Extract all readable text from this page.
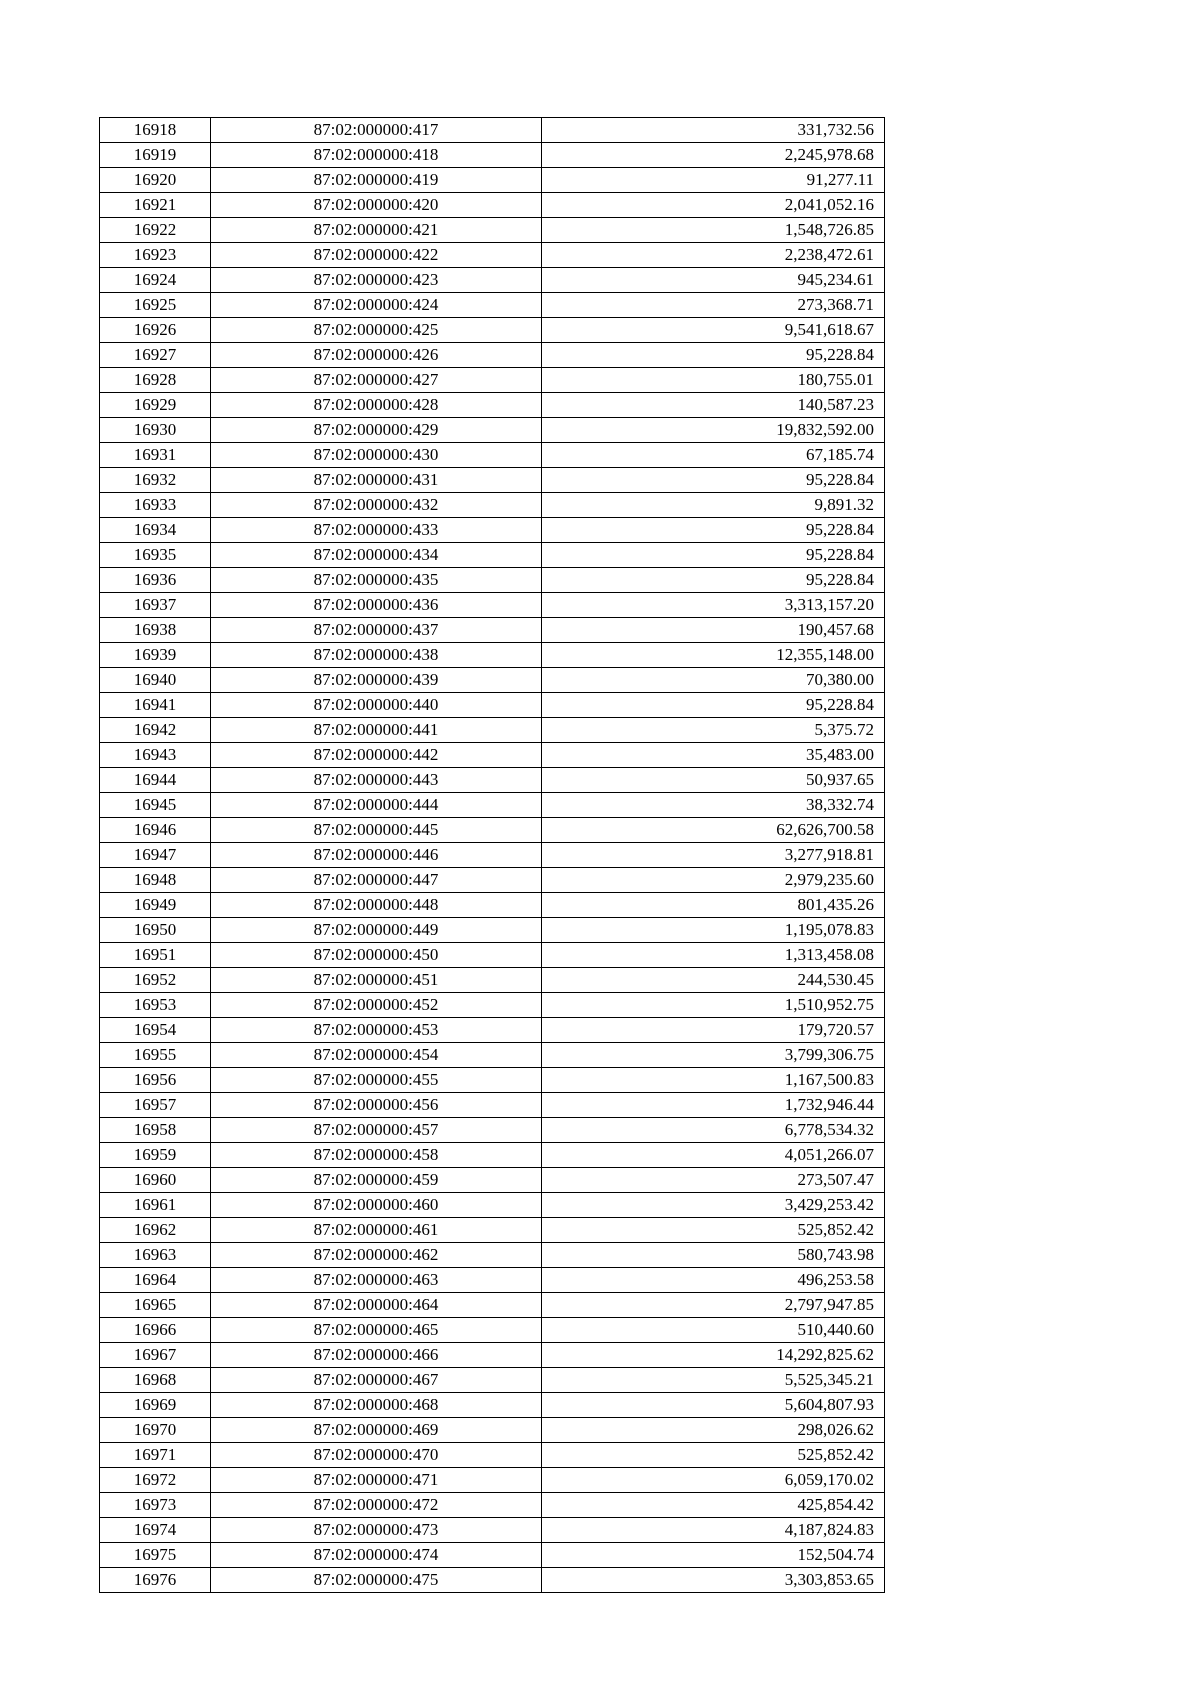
16918	87:02:000000:417	331,732.56
16919	87:02:000000:418	2,245,978.68
16920	87:02:000000:419	91,277.11
16921	87:02:000000:420	2,041,052.16
16922	87:02:000000:421	1,548,726.85
16923	87:02:000000:422	2,238,472.61
16924	87:02:000000:423	945,234.61
16925	87:02:000000:424	273,368.71
16926	87:02:000000:425	9,541,618.67
16927	87:02:000000:426	95,228.84
16928	87:02:000000:427	180,755.01
16929	87:02:000000:428	140,587.23
16930	87:02:000000:429	19,832,592.00
16931	87:02:000000:430	67,185.74
16932	87:02:000000:431	95,228.84
16933	87:02:000000:432	9,891.32
16934	87:02:000000:433	95,228.84
16935	87:02:000000:434	95,228.84
16936	87:02:000000:435	95,228.84
16937	87:02:000000:436	3,313,157.20
16938	87:02:000000:437	190,457.68
16939	87:02:000000:438	12,355,148.00
16940	87:02:000000:439	70,380.00
16941	87:02:000000:440	95,228.84
16942	87:02:000000:441	5,375.72
16943	87:02:000000:442	35,483.00
16944	87:02:000000:443	50,937.65
16945	87:02:000000:444	38,332.74
16946	87:02:000000:445	62,626,700.58
16947	87:02:000000:446	3,277,918.81
16948	87:02:000000:447	2,979,235.60
16949	87:02:000000:448	801,435.26
16950	87:02:000000:449	1,195,078.83
16951	87:02:000000:450	1,313,458.08
16952	87:02:000000:451	244,530.45
16953	87:02:000000:452	1,510,952.75
16954	87:02:000000:453	179,720.57
16955	87:02:000000:454	3,799,306.75
16956	87:02:000000:455	1,167,500.83
16957	87:02:000000:456	1,732,946.44
16958	87:02:000000:457	6,778,534.32
16959	87:02:000000:458	4,051,266.07
16960	87:02:000000:459	273,507.47
16961	87:02:000000:460	3,429,253.42
16962	87:02:000000:461	525,852.42
16963	87:02:000000:462	580,743.98
16964	87:02:000000:463	496,253.58
16965	87:02:000000:464	2,797,947.85
16966	87:02:000000:465	510,440.60
16967	87:02:000000:466	14,292,825.62
16968	87:02:000000:467	5,525,345.21
16969	87:02:000000:468	5,604,807.93
16970	87:02:000000:469	298,026.62
16971	87:02:000000:470	525,852.42
16972	87:02:000000:471	6,059,170.02
16973	87:02:000000:472	425,854.42
16974	87:02:000000:473	4,187,824.83
16975	87:02:000000:474	152,504.74
16976	87:02:000000:475	3,303,853.65
